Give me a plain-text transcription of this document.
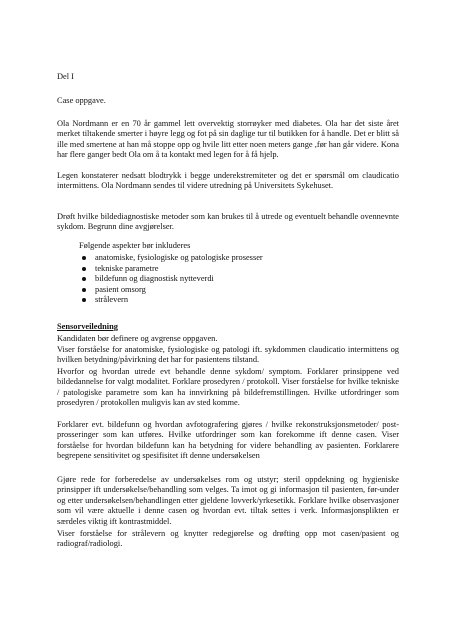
Del I

Case oppgave.

Ola Nordmann er en 70 år gammel lett overvektig storrøyker med diabetes. Ola har det siste året merket tiltakende smerter i høyre legg og fot på sin daglige tur til butikken for å handle. Det er blitt så ille med smertene at han må stoppe opp og hvile litt etter noen meters gange ,før han går videre. Kona har flere ganger bedt Ola om å ta kontakt med legen for å få hjelp.

Legen konstaterer nedsatt blodtrykk i begge underekstremiteter og det er spørsmål om claudicatio intermittens. Ola Nordmann sendes til videre utredning på Universitets Sykehuset.

Drøft hvilke bildediagnostiske metoder som kan brukes til å utrede og eventuelt behandle ovennevnte sykdom. Begrunn dine avgjørelser.

Følgende aspekter bør inkluderes

anatomiske, fysiologiske og patologiske prosesser
tekniske parametre
bildefunn og diagnostisk nytteverdi
pasient omsorg
strålevern

Sensorveiledning

Kandidaten bør definere og avgrense oppgaven.

Viser forståelse for anatomiske, fysiologiske og patologi ift. sykdommen claudicatio intermittens og hvilken betydning/påvirkning det har for pasientens tilstand.

Hvorfor og hvordan utrede evt behandle denne sykdom/ symptom. Forklarer prinsippene ved bildedannelse for valgt modalitet. Forklare prosedyren / protokoll. Viser forståelse for hvilke tekniske / patologiske parametre som kan ha innvirkning på bildefremstillingen. Hvilke utfordringer som prosedyren / protokollen muligvis kan av sted komme.

Forklarer evt. bildefunn og hvordan avfotografering gjøres / hvilke rekonstruksjonsmetoder/ post-prosseringer som kan utføres. Hvilke utfordringer som kan forekomme ift denne casen. Viser forståelse for hvordan bildefunn kan ha betydning for videre behandling av pasienten. Forklarere begrepene sensitivitet og spesifisitet ift denne undersøkelsen

Gjøre rede for forberedelse av undersøkelses rom og utstyr; steril oppdekning og hygieniske prinsipper ift undersøkelse/behandling som velges. Ta imot og gi informasjon til pasienten, før-under og etter undersøkelsen/behandlingen etter gjeldene lovverk/yrkesetikk. Forklare hvilke observasjoner som vil være aktuelle i denne casen og hvordan evt. tiltak settes i verk. Informasjonsplikten er særdeles viktig ift kontrastmiddel.

Viser forståelse for strålevern og knytter redegjørelse og drøfting opp mot casen/pasient og radiograf/radiologi.
